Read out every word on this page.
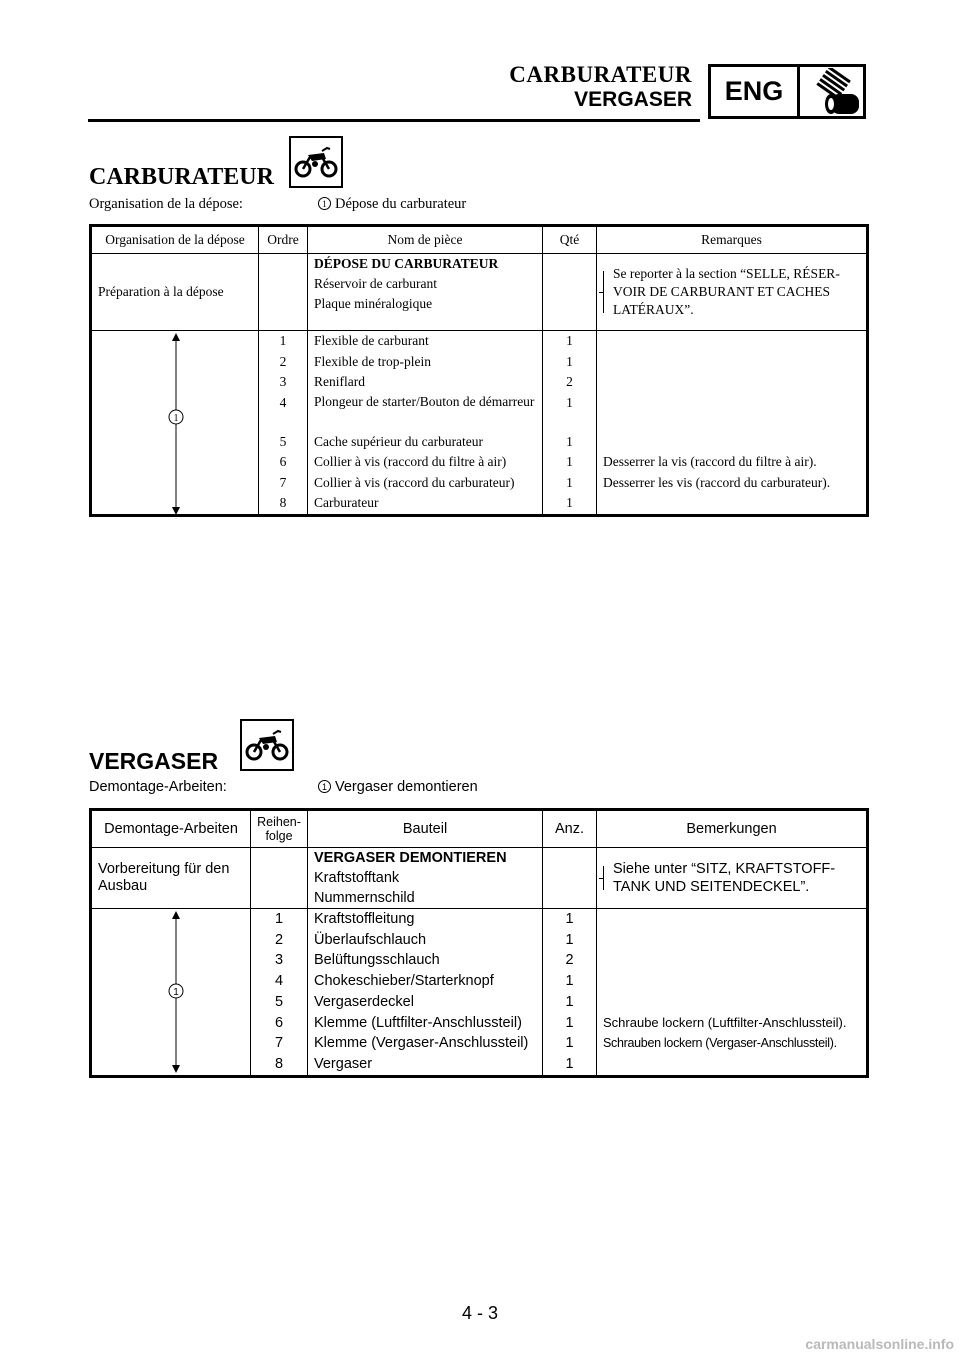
CARBURATEUR
VERGASER	ENG
CARBURATEUR
Organisation de la dépose:	1 Dépose du carburateur
Organisation de la dépose	Ordre	Nom de pièce	Qté	Remarques
Préparation à la dépose		DÉPOSE DU CARBURATEUR
Réservoir de carburant
Plaque minéralogique		Se reporter à la section “SELLE, RÉSER-VOIR DE CARBURANT ET CACHES LATÉRAUX”.

1	1	Flexible de carburant	1	
	2	Flexible de trop-plein	1	
	3	Reniflard	2	
	4	Plongeur de starter/Bouton de démarreur	1	
	5	Cache supérieur du carburateur	1	
	6	Collier à vis (raccord du filtre à air)	1	Desserrer la vis (raccord du filtre à air).
	7	Collier à vis (raccord du carburateur)	1	Desserrer les vis (raccord du carburateur).
	8	Carburateur	1	
VERGASER
Demontage-Arbeiten:	1 Vergaser demontieren
Demontage-Arbeiten	Reihen-folge	Bauteil	Anz.	Bemerkungen
Vorbereitung für den Ausbau		VERGASER DEMONTIEREN
Kraftstofftank
Nummernschild		Siehe unter “SITZ, KRAFTSTOFF-TANK UND SEITENDECKEL”.

1	1	Kraftstoffleitung	1	
	2	Überlaufschlauch	1	
	3	Belüftungsschlauch	2	
	4	Chokeschieber/Starterknopf	1	
	5	Vergaserdeckel	1	
	6	Klemme (Luftfilter-Anschlussteil)	1	Schraube lockern (Luftfilter-Anschlussteil).
	7	Klemme (Vergaser-Anschlussteil)	1	Schrauben lockern (Vergaser-Anschlussteil).
	8	Vergaser	1	
4 - 3
carmanualsonline.info
